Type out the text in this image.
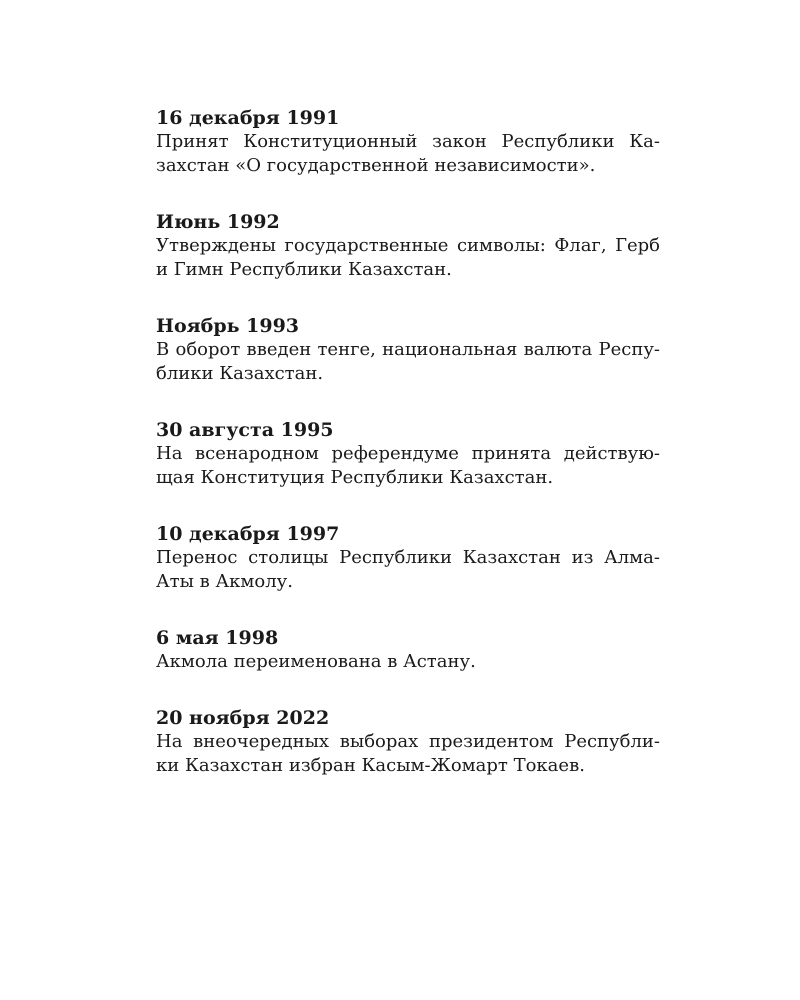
16 декабря 1991

Принят Конституционный закон Республики Ка-
захстан «О государственной независимости».

Июнь 1992

Утверждены государственные символы: Флаг, Герб
и Гимн Республики Казахстан.

Ноябрь 1993

В оборот введен тенге, национальная валюта Респу-
блики Казахстан.

30 августа 1995

На всенародном референдуме принята действую-
щая Конституция Республики Казахстан.

10 декабря 1997

Перенос столицы Республики Казахстан из Алма-
Аты в Акмолу.

6 мая 1998

Акмола переименована в Астану.

20 ноября 2022

На внеочередных выборах президентом Республи-
ки Казахстан избран Касым-Жомарт Токаев.
